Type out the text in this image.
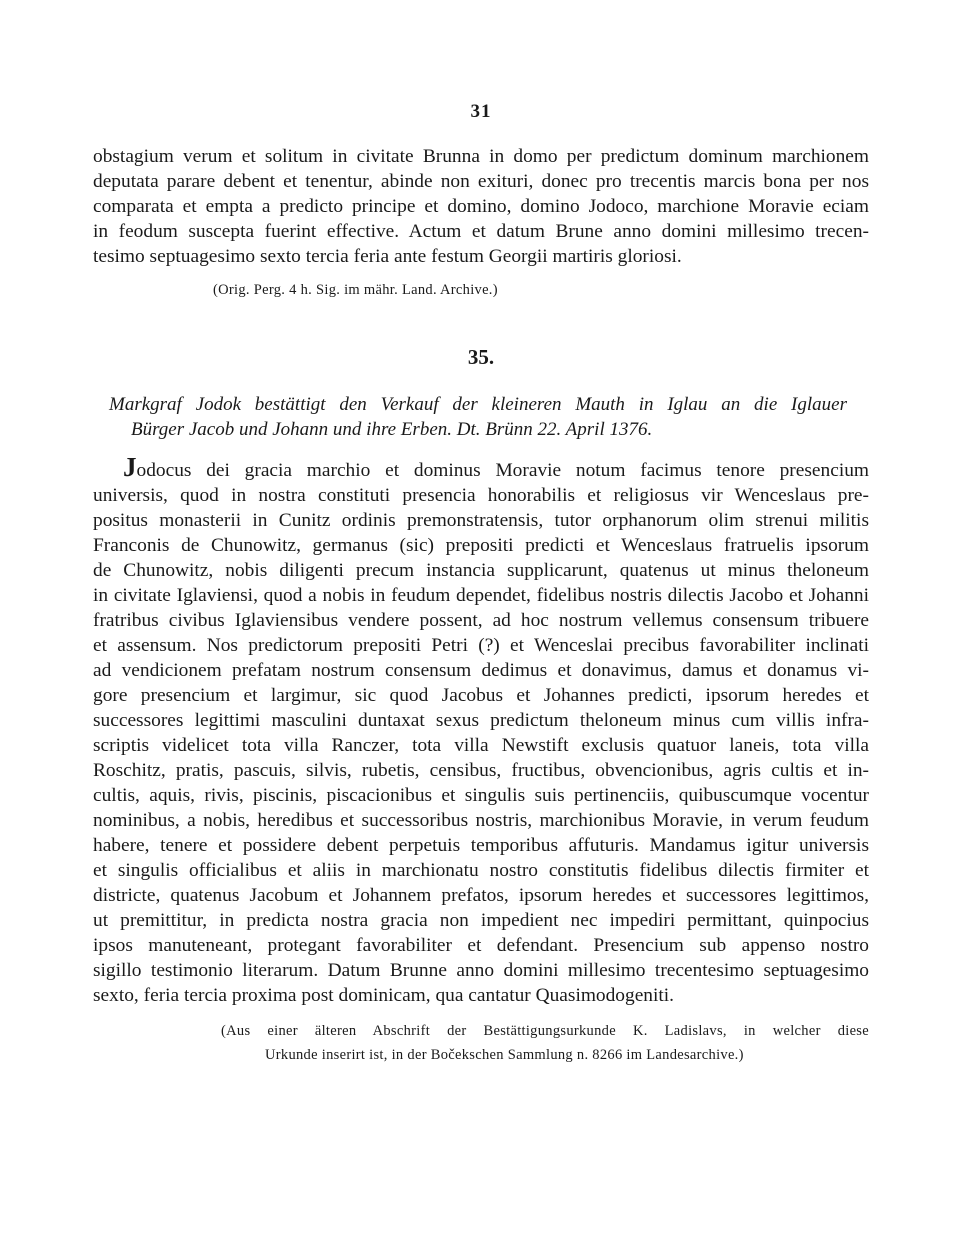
31

obstagium verum et solitum in civitate Brunna in domo per predictum dominum marchionem
deputata parare debent et tenentur, abinde non exituri, donec pro trecentis marcis bona per nos
comparata et empta a predicto principe et domino, domino Jodoco, marchione Moravie eciam
in feodum suscepta fuerint effective. Actum et datum Brune anno domini millesimo trecen-
tesimo septuagesimo sexto tercia feria ante festum Georgii martiris gloriosi.

(Orig. Perg. 4 h. Sig. im mähr. Land. Archive.)
35.
Markgraf Jodok bestättigt den Verkauf der kleineren Mauth in Iglau an die Iglauer
Bürger Jacob und Johann und ihre Erben. Dt. Brünn 22. April 1376.

Jodocus dei gracia marchio et dominus Moravie notum facimus tenore presencium
universis, quod in nostra constituti presencia honorabilis et religiosus vir Wenceslaus pre-
positus monasterii in Cunitz ordinis premonstratensis, tutor orphanorum olim strenui militis
Franconis de Chunowitz, germanus (sic) prepositi predicti et Wenceslaus fratruelis ipsorum
de Chunowitz, nobis diligenti precum instancia supplicarunt, quatenus ut minus theloneum
in civitate Iglaviensi, quod a nobis in feudum dependet, fidelibus nostris dilectis Jacobo et Johanni
fratribus civibus Iglaviensibus vendere possent, ad hoc nostrum vellemus consensum tribuere
et assensum. Nos predictorum prepositi Petri (?) et Wenceslai precibus favorabiliter inclinati
ad vendicionem prefatam nostrum consensum dedimus et donavimus, damus et donamus vi-
gore presencium et largimur, sic quod Jacobus et Johannes predicti, ipsorum heredes et
successores legittimi masculini duntaxat sexus predictum theloneum minus cum villis infra-
scriptis videlicet tota villa Ranczer, tota villa Newstift exclusis quatuor laneis, tota villa
Roschitz, pratis, pascuis, silvis, rubetis, censibus, fructibus, obvencionibus, agris cultis et in-
cultis, aquis, rivis, piscinis, piscacionibus et singulis suis pertinenciis, quibuscumque vocentur
nominibus, a nobis, heredibus et successoribus nostris, marchionibus Moravie, in verum feudum
habere, tenere et possidere debent perpetuis temporibus affuturis. Mandamus igitur universis
et singulis officialibus et aliis in marchionatu nostro constitutis fidelibus dilectis firmiter et
districte, quatenus Jacobum et Johannem prefatos, ipsorum heredes et successores legittimos,
ut premittitur, in predicta nostra gracia non impedient nec impediri permittant, quinpocius
ipsos manuteneant, protegant favorabiliter et defendant. Presencium sub appenso nostro
sigillo testimonio literarum. Datum Brunne anno domini millesimo trecentesimo septuagesimo
sexto, feria tercia proxima post dominicam, qua cantatur Quasimodogeniti.

(Aus einer älteren Abschrift der Bestättigungsurkunde K. Ladislavs, in welcher diese
Urkunde inserirt ist, in der Bočekschen Sammlung n. 8266 im Landesarchive.)
